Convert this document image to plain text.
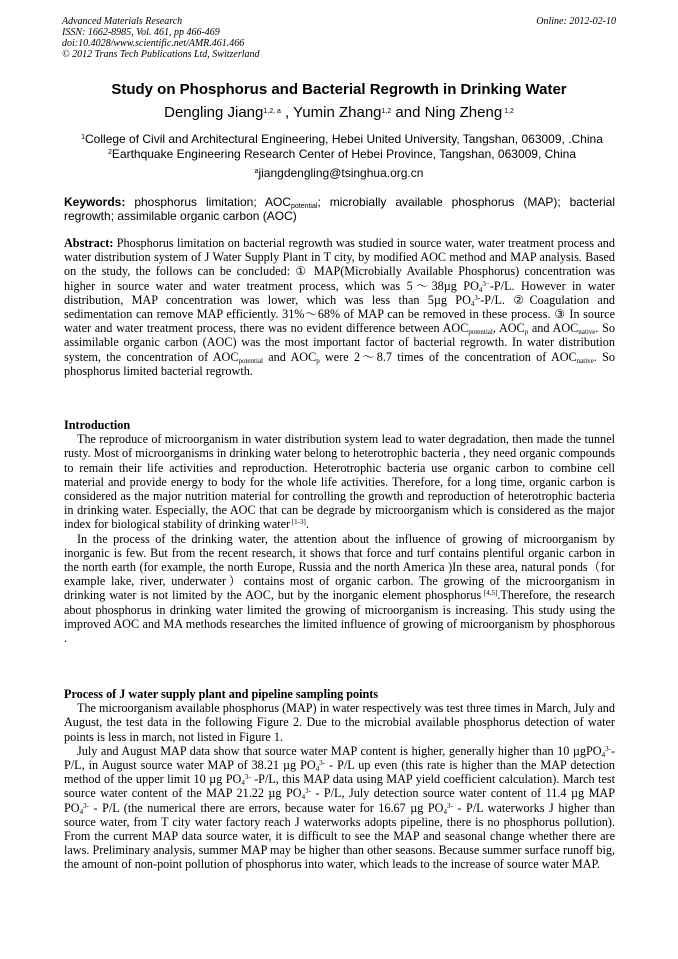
Advanced Materials Research
ISSN: 1662-8985, Vol. 461, pp 466-469
doi:10.4028/www.scientific.net/AMR.461.466
© 2012 Trans Tech Publications Ltd, Switzerland
Online: 2012-02-10
Study on Phosphorus and Bacterial Regrowth in Drinking Water
Dengling Jiang$^{1,2, a}$ , Yumin Zhang$^{1,2}$ and Ning Zheng $^{1,2}$
$^1$College of Civil and Architectural Engineering, Hebei United University, Tangshan, 063009, .China
$^2$Earthquake Engineering Research Center of Hebei Province, Tangshan, 063009, China
$^a$jiangdengling@tsinghua.org.cn
Keywords: phosphorus limitation; $AOC_{potential}$; microbially available phosphorus (MAP); bacterial regrowth; assimilable organic carbon (AOC)

Abstract: Phosphorus limitation on bacterial regrowth was studied in source water, water treatment process and water distribution system of J Water Supply Plant in T city, by modified AOC method and MAP analysis. Based on the study, the follows can be concluded: ① MAP(Microbially Available Phosphorus) concentration was higher in source water and water treatment process, which was 5～38µg $PO_4^{3-}-P/L$. However in water distribution, MAP concentration was lower, which was less than 5µg $PO_4^{3-}-P/L$. ②Coagulation and sedimentation can remove MAP efficiently. 31%～68% of MAP can be removed in these process. ③ In source water and water treatment process, there was no evident difference between $AOC_{potential}$, $AOC_p$ and $AOC_{native}$. So assimilable organic carbon (AOC) was the most important factor of bacterial regrowth. In water distribution system, the concentration of $AOC_{potential}$ and $AOC_p$ were 2～8.7 times of the concentration of $AOC_{native}$. So phosphorus limited bacterial regrowth.

Introduction

The reproduce of microorganism in water distribution system lead to water degradation, then made the tunnel rusty. Most of microorganisms in drinking water belong to heterotrophic bacteria , they need organic compounds to remain their life activities and reproduction. Heterotrophic bacteria use organic carbon to combine cell material and provide energy to body for the whole life activities. Therefore, for a long time, organic carbon is considered as the major nutrition material for controlling the growth and reproduction of heterotrophic bacteria in drinking water. Especially, the AOC that can be degrade by microorganism which is considered as the major index for biological stability of drinking water [1-3].

In the process of the drinking water, the attention about the influence of growing of microorganism by inorganic is few. But from the recent research, it shows that force and turf contains plentiful organic carbon in the north earth (for example, the north Europe, Russia and the north America )In these area, natural ponds（for example lake, river, underwater）contains most of organic carbon. The growing of the microorganism in drinking water is not limited by the AOC, but by the inorganic element phosphorus [4,5].Therefore, the research about phosphorus in drinking water limited the growing of microorganism is increasing. This study using the improved AOC and MA methods researches the limited influence of growing of microorganism by phosphorous .

Process of J water supply plant and pipeline sampling points

The microorganism available phosphorus (MAP) in water respectively was test three times in March, July and August, the test data in the following Figure 2. Due to the microbial available phosphorus detection of water points is less in march, not listed in Figure 1.

July and August MAP data show that source water MAP content is higher, generally higher than 10 µgPO$_4^{3-}$-P/L, in August source water MAP of 38.21 µg $PO_4^{3-} - P/L$ up even (this rate is higher than the MAP detection method of the upper limit 10 µg $PO_4^{3-}$ -P/L, this MAP data using MAP yield coefficient calculation). March test source water content of the MAP 21.22 µg $PO_4^{3-} - P/L$, July detection source water content of 11.4 µg MAP $PO_4^{3-} - P/L$ (the numerical there are errors, because water for 16.67 µg $PO_4^{3-} - P/L$ waterworks J higher than source water, from T city water factory reach J waterworks adopts pipeline, there is no phosphorus pollution). From the current MAP data source water, it is difficult to see the MAP and seasonal change whether there are laws. Preliminary analysis, summer MAP may be higher than other seasons. Because summer surface runoff big, the amount of non-point pollution of phosphorus into water, which leads to the increase of source water MAP.
